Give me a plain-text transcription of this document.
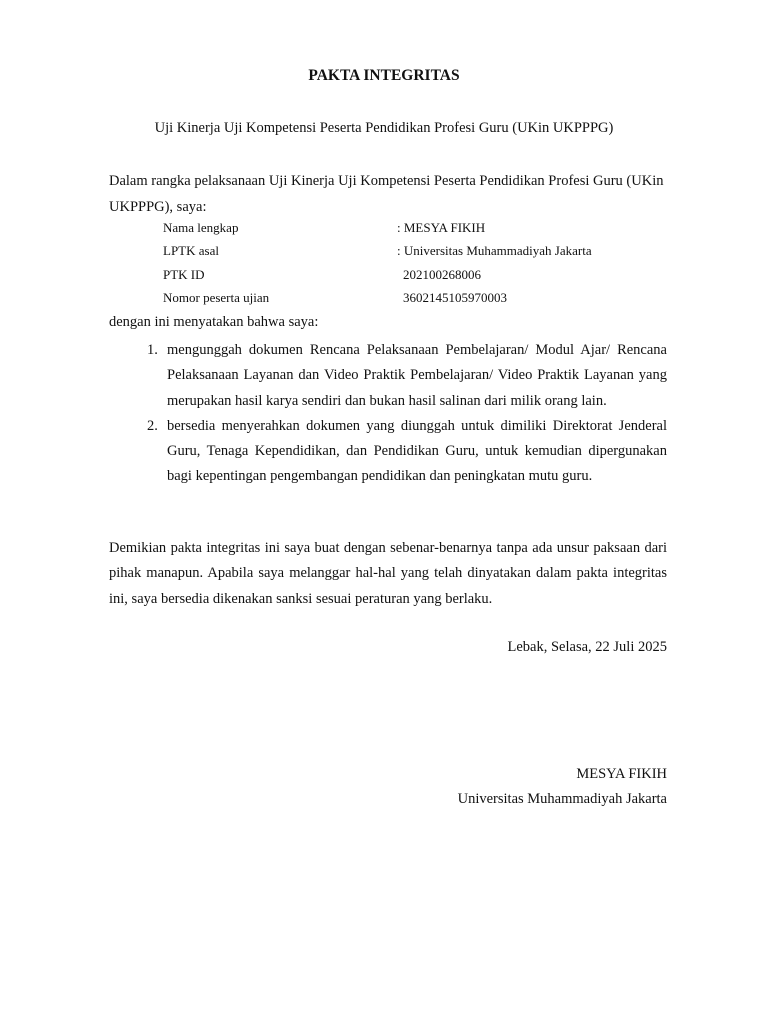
PAKTA INTEGRITAS
Uji Kinerja Uji Kompetensi Peserta Pendidikan Profesi Guru (UKin UKPPPG)

Dalam rangka pelaksanaan Uji Kinerja Uji Kompetensi Peserta Pendidikan Profesi Guru (UKin UKPPPG), saya:

Nama lengkap	: MESYA FIKIH
LPTK asal	: Universitas Muhammadiyah Jakarta
PTK ID	202100268006
Nomor peserta ujian	3602145105970003

dengan ini menyatakan bahwa saya:

1. mengunggah dokumen Rencana Pelaksanaan Pembelajaran/ Modul Ajar/ Rencana Pelaksanaan Layanan dan Video Praktik Pembelajaran/ Video Praktik Layanan yang merupakan hasil karya sendiri dan bukan hasil salinan dari milik orang lain.
2. bersedia menyerahkan dokumen yang diunggah untuk dimiliki Direktorat Jenderal Guru, Tenaga Kependidikan, dan Pendidikan Guru, untuk kemudian dipergunakan bagi kepentingan pengembangan pendidikan dan peningkatan mutu guru.

Demikian pakta integritas ini saya buat dengan sebenar-benarnya tanpa ada unsur paksaan dari pihak manapun. Apabila saya melanggar hal-hal yang telah dinyatakan dalam pakta integritas ini, saya bersedia dikenakan sanksi sesuai peraturan yang berlaku.

Lebak, Selasa, 22 Juli 2025
MESYA FIKIH
Universitas Muhammadiyah Jakarta
